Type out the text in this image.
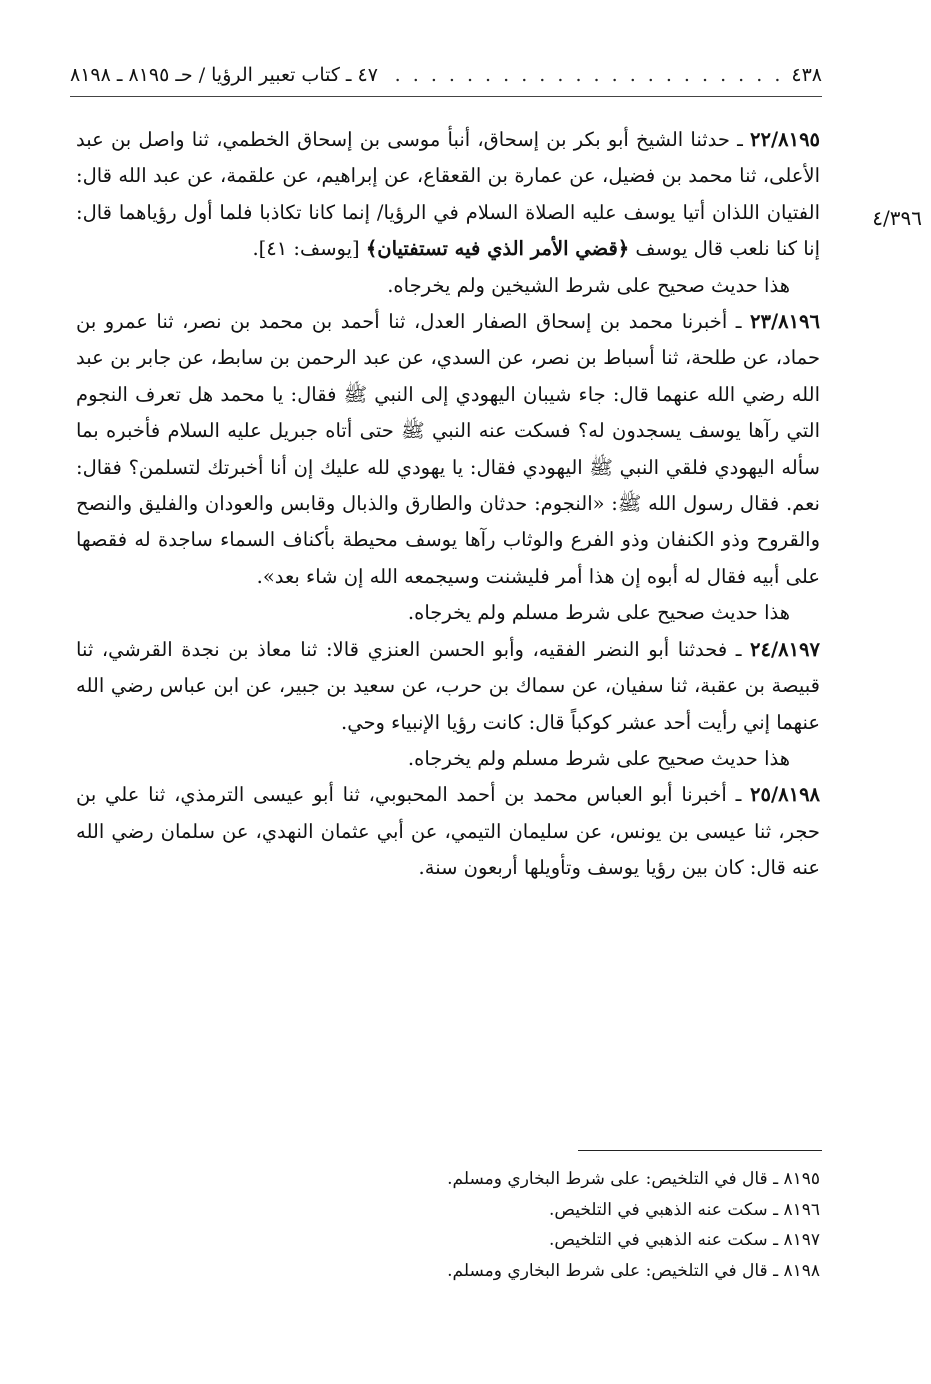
٤٣٨
. . .
٤٧ ـ كتاب تعبير الرؤيا / حـ ٨١٩٥ ـ ٨١٩٨
٤/٣٩٦

٢٢/٨١٩٥ ـ حدثنا الشيخ أبو بكر بن إسحاق، أنبأ موسى بن إسحاق الخطمي، ثنا واصل بن عبد الأعلى، ثنا محمد بن فضيل، عن عمارة بن القعقاع، عن إبراهيم، عن علقمة، عن عبد الله قال: الفتيان اللذان أتيا يوسف عليه الصلاة السلام في الرؤيا/ إنما كانا تكاذبا فلما أول رؤياهما قال: إنا كنا نلعب قال يوسف ﴿قضي الأمر الذي فيه تستفتيان﴾ [يوسف: ٤١].

هذا حديث صحيح على شرط الشيخين ولم يخرجاه.

٢٣/٨١٩٦ ـ أخبرنا محمد بن إسحاق الصفار العدل، ثنا أحمد بن محمد بن نصر، ثنا عمرو بن حماد، عن طلحة، ثنا أسباط بن نصر، عن السدي، عن عبد الرحمن بن سابط، عن جابر بن عبد الله رضي الله عنهما قال: جاء شيبان اليهودي إلى النبي ﷺ فقال: يا محمد هل تعرف النجوم التي رآها يوسف يسجدون له؟ فسكت عنه النبي ﷺ حتى أتاه جبريل عليه السلام فأخبره بما سأله اليهودي فلقي النبي ﷺ اليهودي فقال: يا يهودي لله عليك إن أنا أخبرتك لتسلمن؟ فقال: نعم. فقال رسول الله ﷺ: «النجوم: حدثان والطارق والذبال وقابس والعودان والفليق والنصح والقروح وذو الكنفان وذو الفرع والوثاب رآها يوسف محيطة بأكناف السماء ساجدة له فقصها على أبيه فقال له أبوه إن هذا أمر فليشنت وسيجمعه الله إن شاء بعد».

هذا حديث صحيح على شرط مسلم ولم يخرجاه.

٢٤/٨١٩٧ ـ فحدثنا أبو النضر الفقيه، وأبو الحسن العنزي قالا: ثنا معاذ بن نجدة القرشي، ثنا قبيصة بن عقبة، ثنا سفيان، عن سماك بن حرب، عن سعيد بن جبير، عن ابن عباس رضي الله عنهما إني رأيت أحد عشر كوكباً قال: كانت رؤيا الإنبياء وحي.

هذا حديث صحيح على شرط مسلم ولم يخرجاه.

٢٥/٨١٩٨ ـ أخبرنا أبو العباس محمد بن أحمد المحبوبي، ثنا أبو عيسى الترمذي، ثنا علي بن حجر، ثنا عيسى بن يونس، عن سليمان التيمي، عن أبي عثمان النهدي، عن سلمان رضي الله عنه قال: كان بين رؤيا يوسف وتأويلها أربعون سنة.

٨١٩٥ ـ قال في التلخيص: على شرط البخاري ومسلم.

٨١٩٦ ـ سكت عنه الذهبي في التلخيص.

٨١٩٧ ـ سكت عنه الذهبي في التلخيص.

٨١٩٨ ـ قال في التلخيص: على شرط البخاري ومسلم.
